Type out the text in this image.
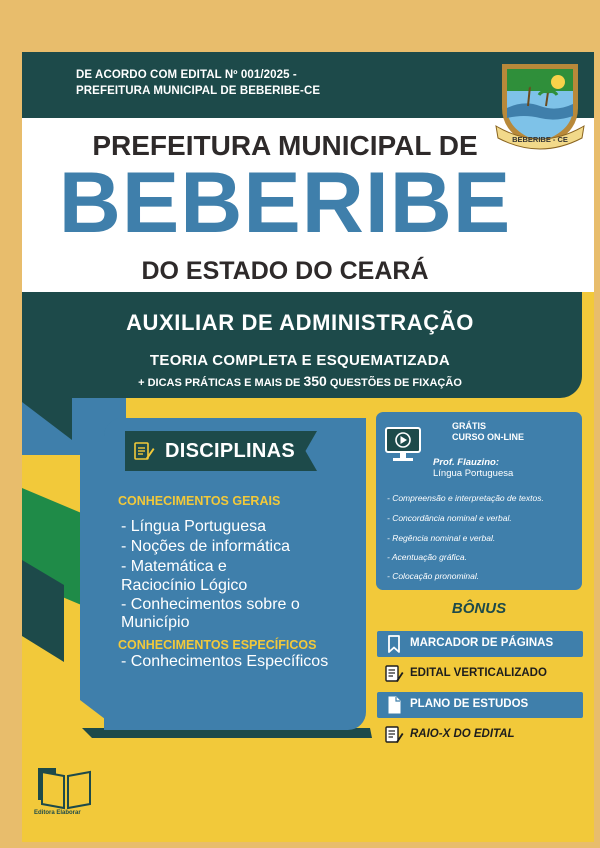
DE ACORDO COM EDITAL Nº 001/2025 -
PREFEITURA MUNICIPAL DE BEBERIBE-CE
PREFEITURA MUNICIPAL DE
BEBERIBE
DO ESTADO DO CEARÁ
BEBERIBE - CE
AUXILIAR DE ADMINISTRAÇÃO
TEORIA COMPLETA E ESQUEMATIZADA
+ DICAS PRÁTICAS E MAIS DE 350 QUESTÕES DE FIXAÇÃO
DISCIPLINAS
CONHECIMENTOS GERAIS
- Língua Portuguesa
- Noções de informática
- Matemática e
Raciocínio Lógico
- Conhecimentos sobre o
Município
CONHECIMENTOS ESPECÍFICOS
- Conhecimentos Específicos
GRÁTIS
CURSO ON-LINE
Prof. Flauzino:
Língua Portuguesa
- Compreensão e interpretação de textos.
- Concordância nominal e verbal.
- Regência nominal e verbal.
- Acentuação gráfica.
- Colocação pronominal.
BÔNUS
MARCADOR DE PÁGINAS
EDITAL VERTICALIZADO
PLANO DE ESTUDOS
RAIO-X DO EDITAL
Editora Elaborar
